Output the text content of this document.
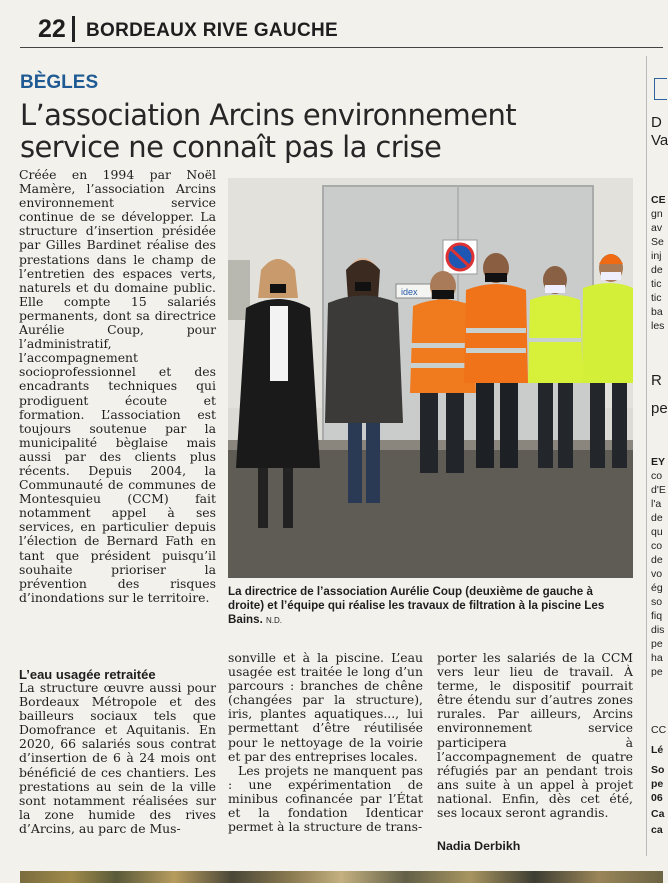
22 BORDEAUX RIVE GAUCHE
BÈGLES
L’association Arcins environnement service ne connaît pas la crise

Créée en 1994 par Noël Mamère, l’association Arcins environnement service continue de se développer. La structure d’insertion présidée par Gilles Bardinet réalise des prestations dans le champ de l’entretien des espaces verts, naturels et du domaine public. Elle compte 15 salariés permanents, dont sa directrice Aurélie Coup, pour l’administratif, l’accompagnement socioprofessionnel et des encadrants techniques qui prodiguent écoute et formation. L’association est toujours soutenue par la municipalité bèglaise mais aussi par des clients plus récents. Depuis 2004, la Communauté de communes de Montesquieu (CCM) fait notamment appel à ses services, en particulier depuis l’élection de Bernard Fath en tant que président puisqu’il souhaite prioriser la prévention des risques d’inondations sur le territoire.

L’eau usagée retraitée

La structure œuvre aussi pour Bordeaux Métropole et des bailleurs sociaux tels que Domofrance et Aquitanis. En 2020, 66 salariés sous contrat d’insertion de 6 à 24 mois ont bénéficié de ces chantiers. Les prestations au sein de la ville sont notamment réalisées sur la zone humide des rives d’Arcins, au parc de Mus-

idex
La directrice de l’association Aurélie Coup (deuxième de gauche à droite) et l’équipe qui réalise les travaux de filtration à la piscine Les Bains. N.D.

sonville et à la piscine. L’eau usagée est traitée le long d’un parcours : branches de chêne (changées par la structure), iris, plantes aquatiques..., lui permettant d’être réutilisée pour le nettoyage de la voirie et par des entreprises locales.

Les projets ne manquent pas : une expérimentation de minibus cofinancée par l’État et la fondation Identicar permet à la structure de trans-

porter les salariés de la CCM vers leur lieu de travail. À terme, le dispositif pourrait être étendu sur d’autres zones rurales. Par ailleurs, Arcins environnement service participera à l’accompagnement de quatre réfugiés par an pendant trois ans suite à un appel à projet national. Enfin, dès cet été, ses locaux seront agrandis.

Nadia Derbikh
D
Va
CE
gn
av
Se
inj
de
tic
tic
ba
les
R
pe
EY
co
d'E
l'a
de
qu
co
de
vo
ég
so
fiq
dis
pe
ha
pe
CC
Lé
So
pe
06
Ca
ca
